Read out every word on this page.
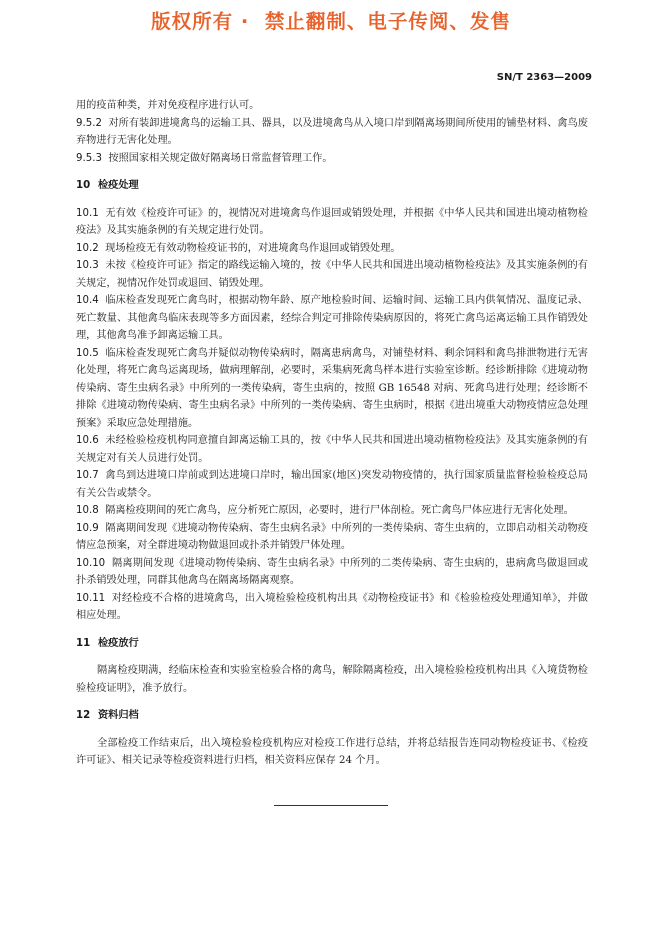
版权所有 ·  禁止翻制、电子传阅、发售
SN/T 2363—2009

用的疫苗种类，并对免疫程序进行认可。

9.5.2 对所有装卸进境禽鸟的运输工具、器具，以及进境禽鸟从入境口岸到隔离场期间所使用的铺垫材料、禽鸟废弃物进行无害化处理。

9.5.3 按照国家相关规定做好隔离场日常监督管理工作。

10 检疫处理

10.1 无有效《检疫许可证》的，视情况对进境禽鸟作退回或销毁处理，并根据《中华人民共和国进出境动植物检疫法》及其实施条例的有关规定进行处罚。

10.2 现场检疫无有效动物检疫证书的，对进境禽鸟作退回或销毁处理。

10.3 未按《检疫许可证》指定的路线运输入境的，按《中华人民共和国进出境动植物检疫法》及其实施条例的有关规定，视情况作处罚或退回、销毁处理。

10.4 临床检查发现死亡禽鸟时，根据动物年龄、原产地检验时间、运输时间、运输工具内供氧情况、温度记录、死亡数量、其他禽鸟临床表现等多方面因素，经综合判定可排除传染病原因的，将死亡禽鸟运离运输工具作销毁处理，其他禽鸟准予卸离运输工具。

10.5 临床检查发现死亡禽鸟并疑似动物传染病时，隔离患病禽鸟，对铺垫材料、剩余饲料和禽鸟排泄物进行无害化处理，将死亡禽鸟运离现场，做病理解剖，必要时，采集病死禽鸟样本进行实验室诊断。经诊断排除《进境动物传染病、寄生虫病名录》中所列的一类传染病，寄生虫病的，按照 GB 16548 对病、死禽鸟进行处理；经诊断不排除《进境动物传染病、寄生虫病名录》中所列的一类传染病、寄生虫病时，根据《进出境重大动物疫情应急处理预案》采取应急处理措施。

10.6 未经检验检疫机构同意擅自卸离运输工具的，按《中华人民共和国进出境动植物检疫法》及其实施条例的有关规定对有关人员进行处罚。

10.7 禽鸟到达进境口岸前或到达进境口岸时，输出国家(地区)突发动物疫情的，执行国家质量监督检验检疫总局有关公告或禁令。

10.8 隔离检疫期间的死亡禽鸟，应分析死亡原因，必要时，进行尸体剖检。死亡禽鸟尸体应进行无害化处理。

10.9 隔离期间发现《进境动物传染病、寄生虫病名录》中所列的一类传染病、寄生虫病的，立即启动相关动物疫情应急预案，对全群进境动物做退回或扑杀并销毁尸体处理。

10.10 隔离期间发现《进境动物传染病、寄生虫病名录》中所列的二类传染病、寄生虫病的，患病禽鸟做退回或扑杀销毁处理，同群其他禽鸟在隔离场隔离观察。

10.11 对经检疫不合格的进境禽鸟，出入境检验检疫机构出具《动物检疫证书》和《检验检疫处理通知单》，并做相应处理。

11 检疫放行

隔离检疫期满，经临床检查和实验室检验合格的禽鸟，解除隔离检疫，出入境检验检疫机构出具《入境货物检验检疫证明》，准予放行。

12 资料归档

全部检疫工作结束后，出入境检验检疫机构应对检疫工作进行总结，并将总结报告连同动物检疫证书、《检疫许可证》、相关记录等检疫资料进行归档，相关资料应保存 24 个月。
